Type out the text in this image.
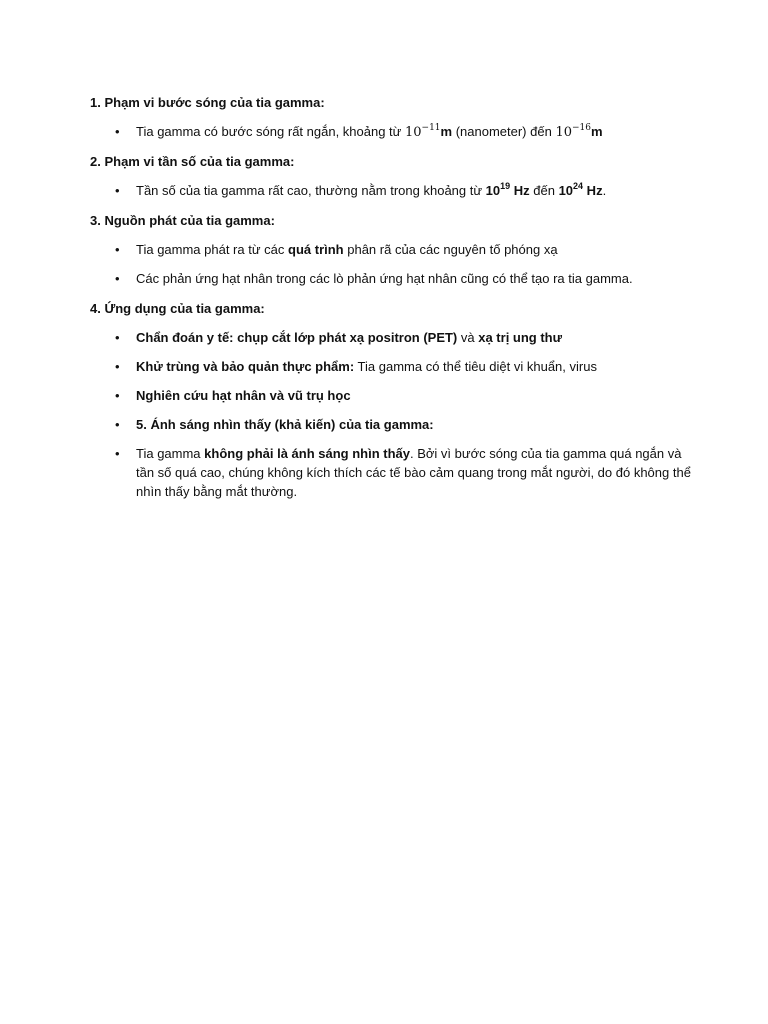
1. Phạm vi bước sóng của tia gamma:
• Tia gamma có bước sóng rất ngắn, khoảng từ $10^{-11}m$ (nanometer) đến $10^{-16}m$
2. Phạm vi tần số của tia gamma:
• Tần số của tia gamma rất cao, thường nằm trong khoảng từ $10^{19}$ Hz đến $10^{24}$ Hz.
3. Nguồn phát của tia gamma:
• Tia gamma phát ra từ các quá trình phân rã của các nguyên tố phóng xạ
• Các phản ứng hạt nhân trong các lò phản ứng hạt nhân cũng có thể tạo ra tia gamma.
4. Ứng dụng của tia gamma:
• Chẩn đoán y tế: chụp cắt lớp phát xạ positron (PET) và xạ trị ung thư
• Khử trùng và bảo quản thực phẩm: Tia gamma có thể tiêu diệt vi khuẩn, virus
• Nghiên cứu hạt nhân và vũ trụ học
• 5. Ánh sáng nhìn thấy (khả kiến) của tia gamma:
• Tia gamma không phải là ánh sáng nhìn thấy. Bởi vì bước sóng của tia gamma quá ngắn và tần số quá cao, chúng không kích thích các tế bào cảm quang trong mắt người, do đó không thể nhìn thấy bằng mắt thường.
